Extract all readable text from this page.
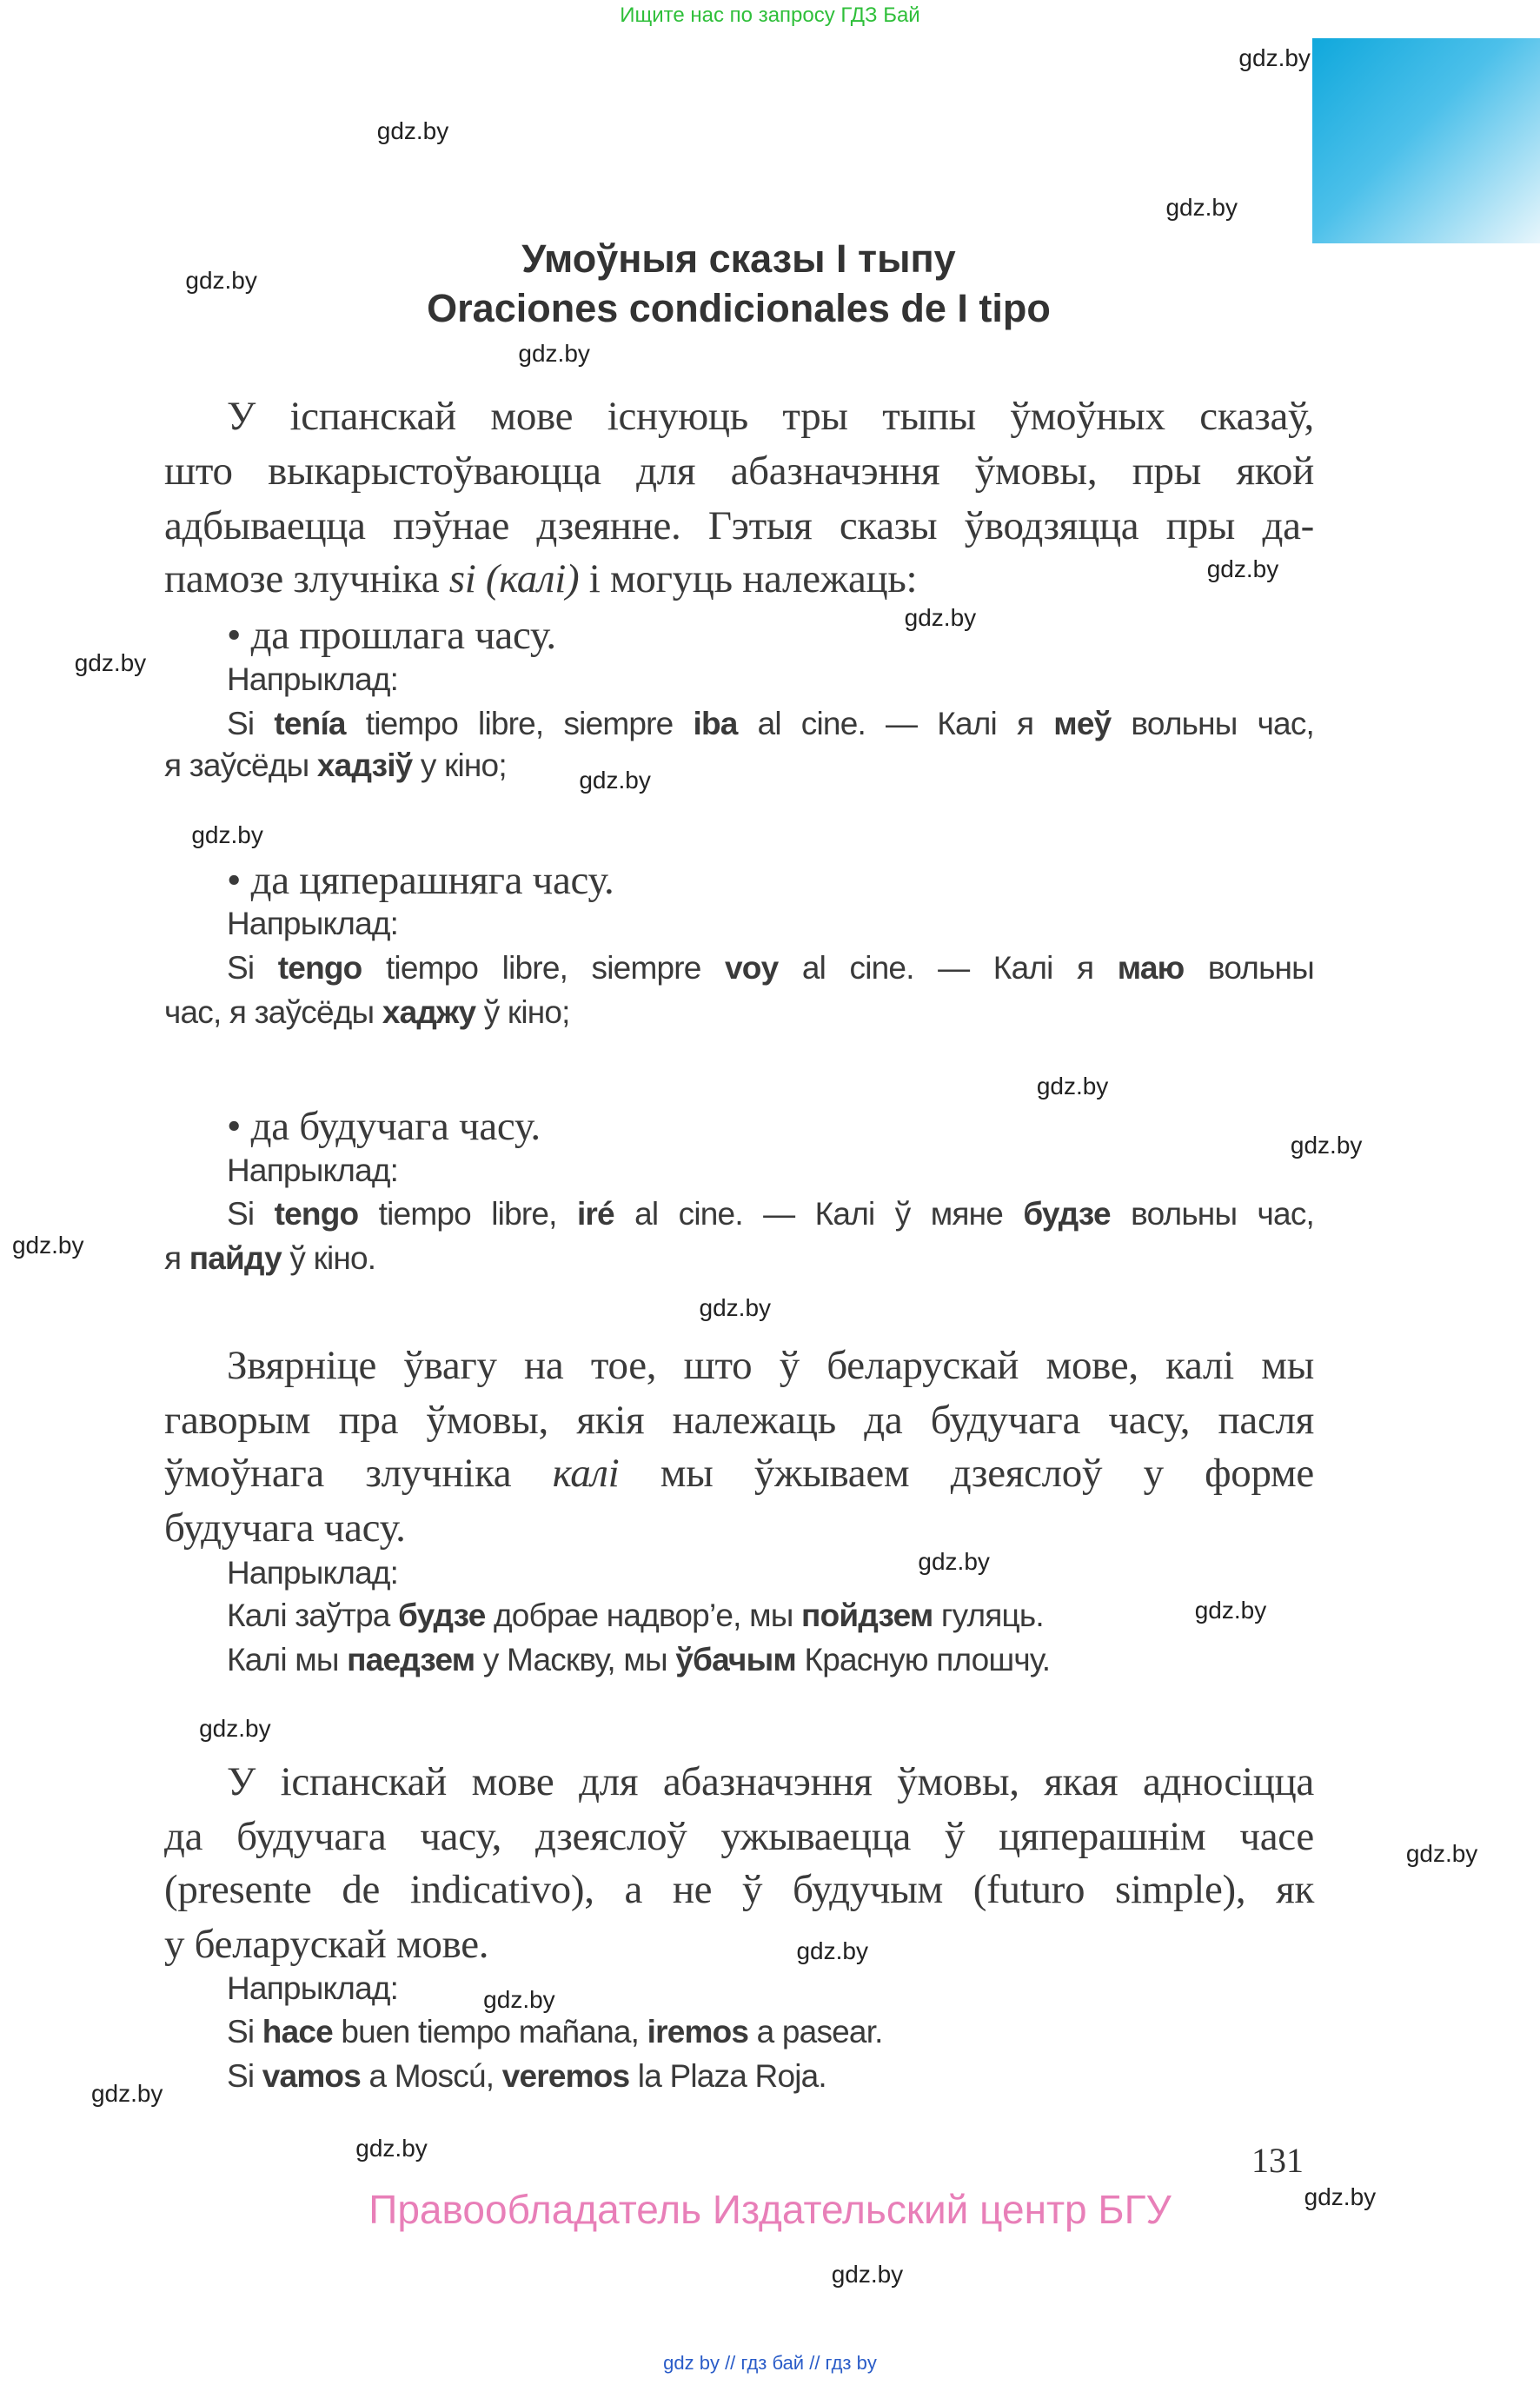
Ищите нас по запросу ГДЗ Бай
Умоўныя сказы I тыпу
Oraciones condicionales de I tipo
У іспанскай мове існуюць тры тыпы ўмоўных сказаў,
што выкарыстоўваюцца для абазначэння ўмовы, пры якой
адбываецца пэўнае дзеянне. Гэтыя сказы ўводзяцца пры да-
памозе злучніка si (калі) і могуць належаць:
• да прошлага часу.
Напрыклад:
Si tenía tiempo libre, siempre iba al cine. — Калі я меў вольны час,
я заўсёды хадзіў у кіно;
• да цяперашняга часу.
Напрыклад:
Si tengo tiempo libre, siempre voy al cine. — Калі я маю вольны
час, я заўсёды хаджу ў кіно;
• да будучага часу.
Напрыклад:
Si tengo tiempo libre, iré al cine. — Калі ў мяне будзе вольны час,
я пайду ў кіно.
Звярніце ўвагу на тое, што ў беларускай мове, калі мы
гаворым пра ўмовы, якія належаць да будучага часу, пасля
ўмоўнага злучніка калі мы ўжываем дзеяслоў у форме
будучага часу.
Напрыклад:
Калі заўтра будзе добрае надвор’е, мы пойдзем гуляць.
Калі мы паедзем у Маскву, мы ўбачым Красную плошчу.
У іспанскай мове для абазначэння ўмовы, якая адносіцца
да будучага часу, дзеяслоў ужываецца ў цяперашнім часе
(presente de indicativo), а не ў будучым (futuro simple), як
у беларускай мове.
Напрыклад:
Si hace buen tiempo mañana, iremos a pasear.
Si vamos a Moscú, veremos la Plaza Roja.
gdz.by
gdz.by
gdz.by
gdz.by
gdz.by
gdz.by
gdz.by
gdz.by
gdz.by
gdz.by
gdz.by
gdz.by
gdz.by
gdz.by
gdz.by
gdz.by
gdz.by
gdz.by
gdz.by
gdz.by
gdz.by
gdz.by
gdz.by
gdz.by
131
Правообладатель Издательский центр БГУ
gdz by // гдз бай // гдз by
